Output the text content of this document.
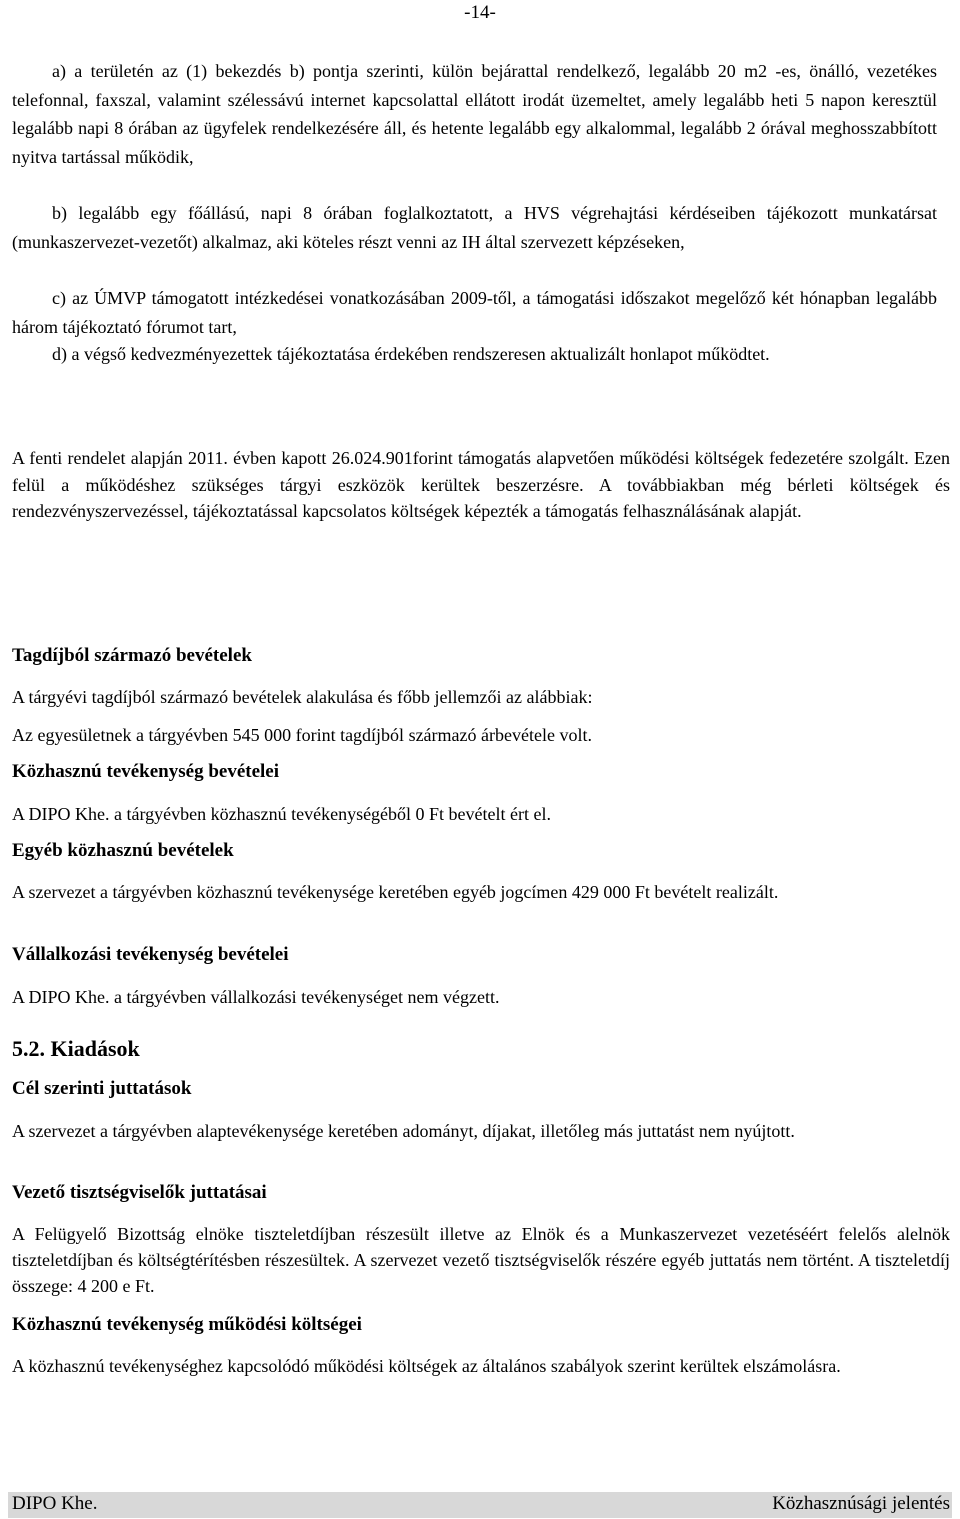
-14-

a) a területén az (1) bekezdés b) pontja szerinti, külön bejárattal rendelkező, legalább 20 m2 -es, önálló, vezetékes telefonnal, faxszal, valamint szélessávú internet kapcsolattal ellátott irodát üzemeltet, amely legalább heti 5 napon keresztül legalább napi 8 órában az ügyfelek rendelkezésére áll, és hetente legalább egy alkalommal, legalább 2 órával meghosszabbított nyitva tartással működik,

b) legalább egy főállású, napi 8 órában foglalkoztatott, a HVS végrehajtási kérdéseiben tájékozott munkatársat (munkaszervezet-vezetőt) alkalmaz, aki köteles részt venni az IH által szervezett képzéseken,

c) az ÚMVP támogatott intézkedései vonatkozásában 2009-től, a támogatási időszakot megelőző két hónapban legalább három tájékoztató fórumot tart,

d) a végső kedvezményezettek tájékoztatása érdekében rendszeresen aktualizált honlapot működtet.

A fenti rendelet alapján 2011. évben kapott 26.024.901forint támogatás alapvetően működési költségek fedezetére szolgált. Ezen felül a működéshez szükséges tárgyi eszközök kerültek beszerzésre. A továbbiakban még bérleti költségek és rendezvényszervezéssel, tájékoztatással kapcsolatos költségek képezték a támogatás felhasználásának alapját.
Tagdíjból származó bevételek
A tárgyévi tagdíjból származó bevételek alakulása és főbb jellemzői az alábbiak:
Az egyesületnek a tárgyévben 545 000 forint tagdíjból származó árbevétele volt.
Közhasznú tevékenység bevételei
A DIPO Khe. a tárgyévben közhasznú tevékenységéből 0 Ft bevételt ért el.
Egyéb közhasznú bevételek
A szervezet a tárgyévben közhasznú tevékenysége keretében egyéb jogcímen 429 000 Ft bevételt realizált.
Vállalkozási tevékenység bevételei
A DIPO Khe. a tárgyévben vállalkozási tevékenységet nem végzett.
5.2. Kiadások
Cél szerinti juttatások
A szervezet a tárgyévben alaptevékenysége keretében adományt, díjakat, illetőleg más juttatást nem nyújtott.
Vezető tisztségviselők juttatásai
A Felügyelő Bizottság elnöke tiszteletdíjban részesült illetve az Elnök és a Munkaszervezet vezetéséért felelős alelnök tiszteletdíjban és költségtérítésben részesültek. A szervezet vezető tisztségviselők részére egyéb juttatás nem történt. A tiszteletdíj összege: 4 200 e Ft.
Közhasznú tevékenység működési költségei
A közhasznú tevékenységhez kapcsolódó működési költségek az általános szabályok szerint kerültek elszámolásra.
DIPO Khe.	Közhasznúsági jelentés
